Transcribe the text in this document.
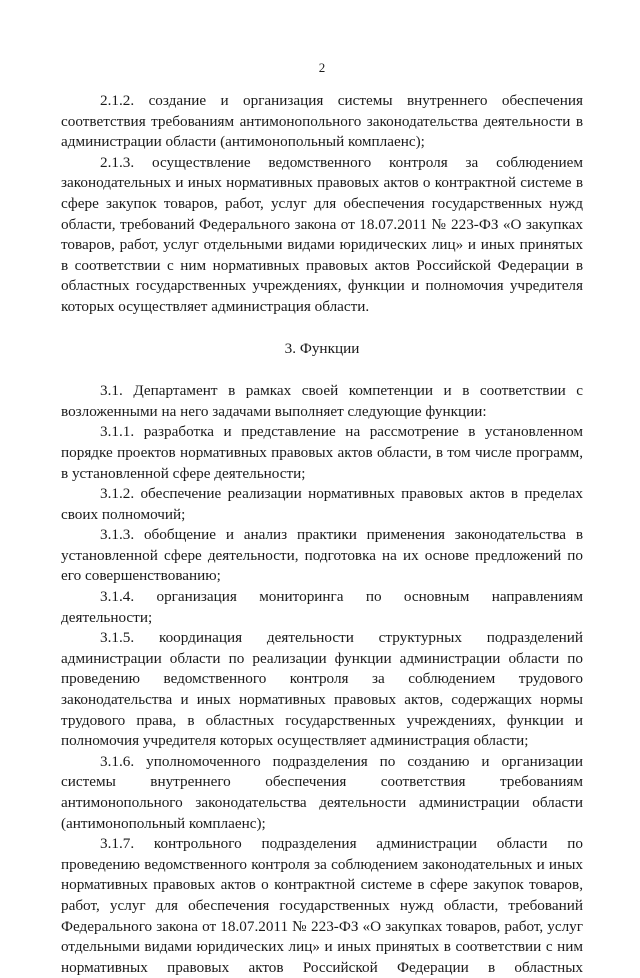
2

2.1.2. создание и организация системы внутреннего обеспечения соответствия требованиям антимонопольного законодательства деятельности в администрации области (антимонопольный комплаенс);

2.1.3. осуществление ведомственного контроля за соблюдением законодательных и иных нормативных правовых актов о контрактной системе в сфере закупок товаров, работ, услуг для обеспечения государственных нужд области, требований Федерального закона от 18.07.2011 № 223-ФЗ «О закупках товаров, работ, услуг отдельными видами юридических лиц» и иных принятых в соответствии с ним нормативных правовых актов Российской Федерации в областных государственных учреждениях, функции и полномочия учредителя которых осуществляет администрация области.

3. Функции

3.1. Департамент в рамках своей компетенции и в соответствии с возложенными на него задачами выполняет следующие функции:

3.1.1. разработка и представление на рассмотрение в установленном порядке проектов нормативных правовых актов области, в том числе программ, в установленной сфере деятельности;

3.1.2. обеспечение реализации нормативных правовых актов в пределах своих полномочий;

3.1.3. обобщение и анализ практики применения законодательства в установленной сфере деятельности, подготовка на их основе предложений по его совершенствованию;

3.1.4. организация мониторинга по основным направлениям деятельности;

3.1.5. координация деятельности структурных подразделений администрации области по реализации функции администрации области по проведению ведомственного контроля за соблюдением трудового законодательства и иных нормативных правовых актов, содержащих нормы трудового права, в областных государственных учреждениях, функции и полномочия учредителя которых осуществляет администрация области;

3.1.6. уполномоченного подразделения по созданию и организации системы внутреннего обеспечения соответствия требованиям антимонопольного законодательства деятельности администрации области (антимонопольный комплаенс);

3.1.7. контрольного подразделения администрации области по проведению ведомственного контроля за соблюдением законодательных и иных нормативных правовых актов о контрактной системе в сфере закупок товаров, работ, услуг для обеспечения государственных нужд области, требований Федерального закона от 18.07.2011 № 223-ФЗ «О закупках товаров, работ, услуг отдельными видами юридических лиц» и иных принятых в соответствии с ним нормативных правовых актов Российской Федерации в областных
